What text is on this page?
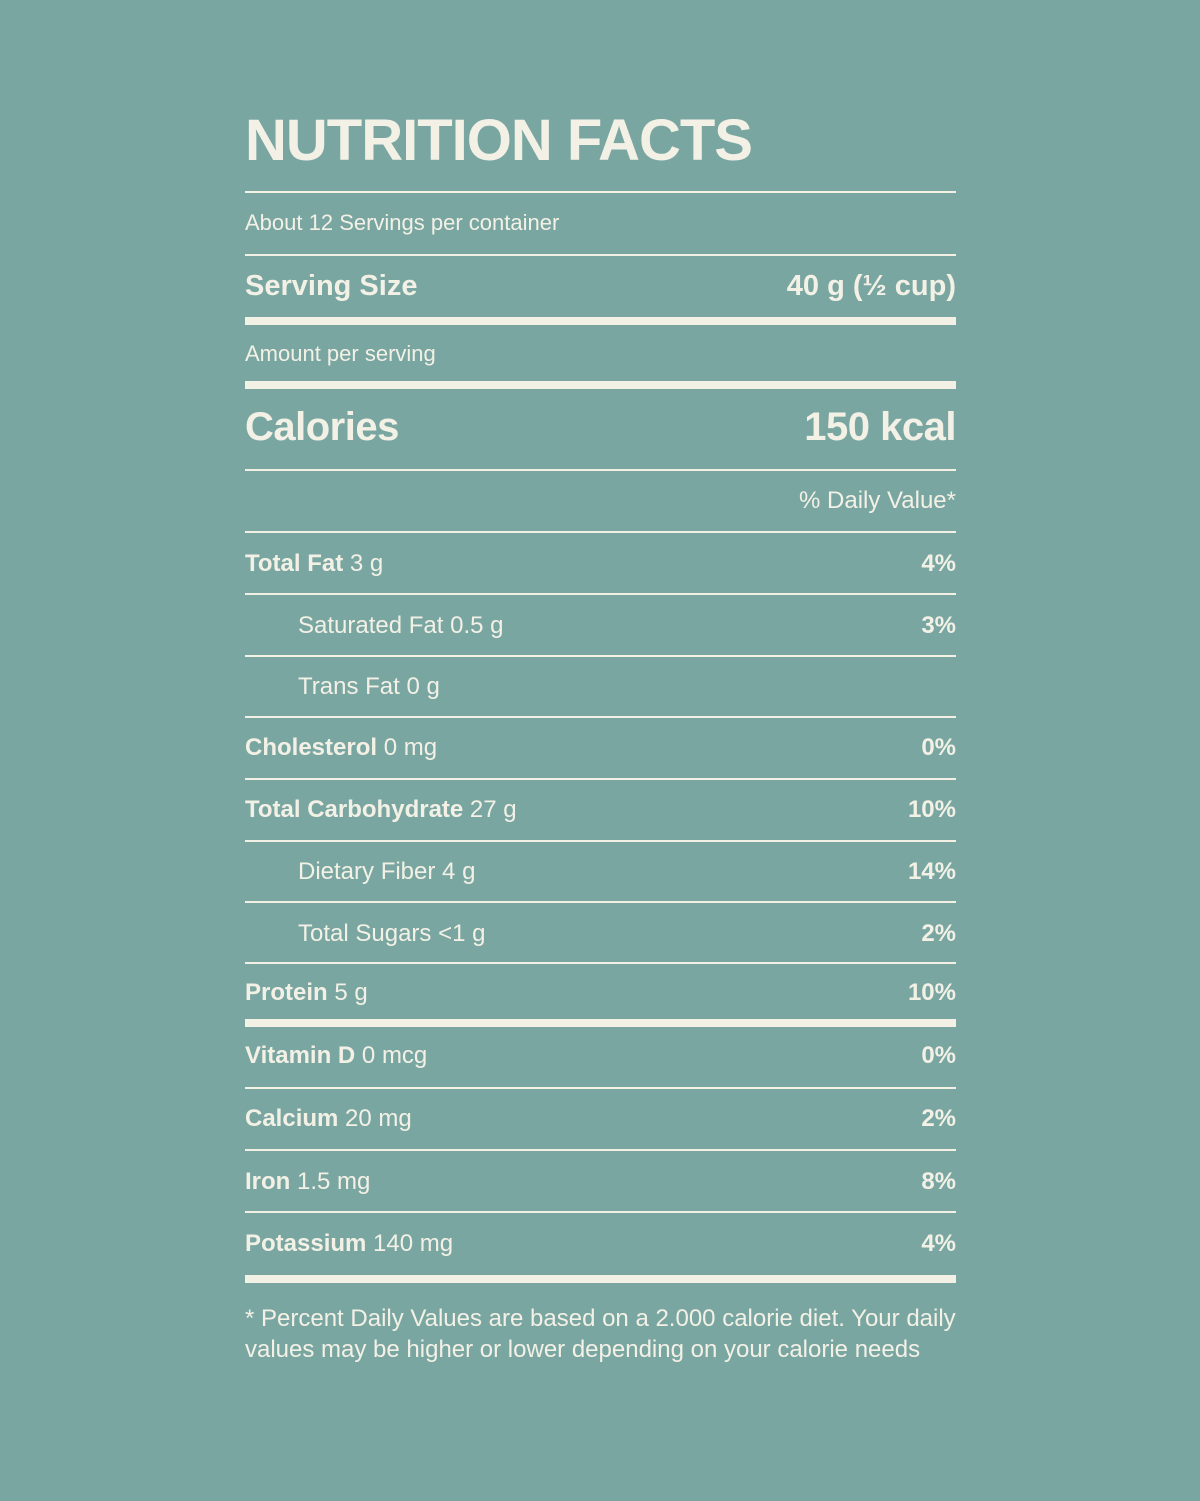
NUTRITION FACTS
About 12 Servings per container
Serving Size	40 g (½ cup)
Amount per serving
Calories	150 kcal
% Daily Value*
Total Fat 3 g	4%
Saturated Fat 0.5 g	3%
Trans Fat 0 g
Cholesterol 0 mg	0%
Total Carbohydrate 27 g	10%
Dietary Fiber 4 g	14%
Total Sugars <1 g	2%
Protein 5 g	10%
Vitamin D 0 mcg	0%
Calcium 20 mg	2%
Iron 1.5 mg	8%
Potassium 140 mg	4%
* Percent Daily Values are based on a 2.000 calorie diet. Your daily values may be higher or lower depending on your calorie needs
